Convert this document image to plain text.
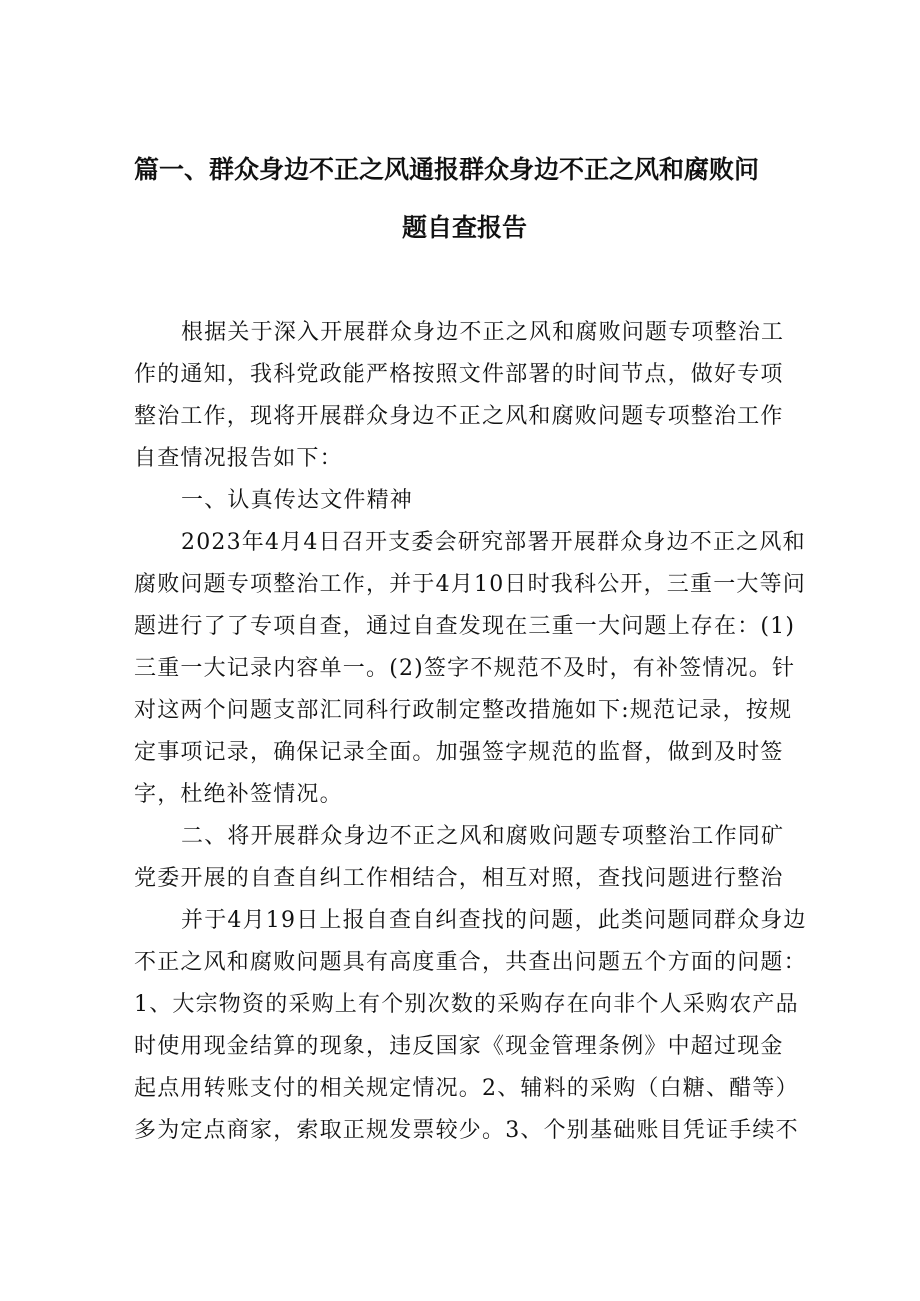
篇一、群众身边不正之风通报群众身边不正之风和腐败问
题自查报告
根据关于深入开展群众身边不正之风和腐败问题专项整治工
作的通知，我科党政能严格按照文件部署的时间节点，做好专项
整治工作，现将开展群众身边不正之风和腐败问题专项整治工作
自查情况报告如下：
一、认真传达文件精神
2023年4月4日召开支委会研究部署开展群众身边不正之风和
腐败问题专项整治工作，并于4月10日时我科公开，三重一大等问
题进行了了专项自查，通过自查发现在三重一大问题上存在：(1)
三重一大记录内容单一。(2)签字不规范不及时，有补签情况。针
对这两个问题支部汇同科行政制定整改措施如下:规范记录，按规
定事项记录，确保记录全面。加强签字规范的监督，做到及时签
字，杜绝补签情况。
二、将开展群众身边不正之风和腐败问题专项整治工作同矿
党委开展的自查自纠工作相结合，相互对照，查找问题进行整治
并于4月19日上报自查自纠查找的问题，此类问题同群众身边
不正之风和腐败问题具有高度重合，共查出问题五个方面的问题：
1、大宗物资的采购上有个别次数的采购存在向非个人采购农产品
时使用现金结算的现象，违反国家《现金管理条例》中超过现金
起点用转账支付的相关规定情况。2、辅料的采购（白糖、醋等）
多为定点商家，索取正规发票较少。3、个别基础账目凭证手续不
